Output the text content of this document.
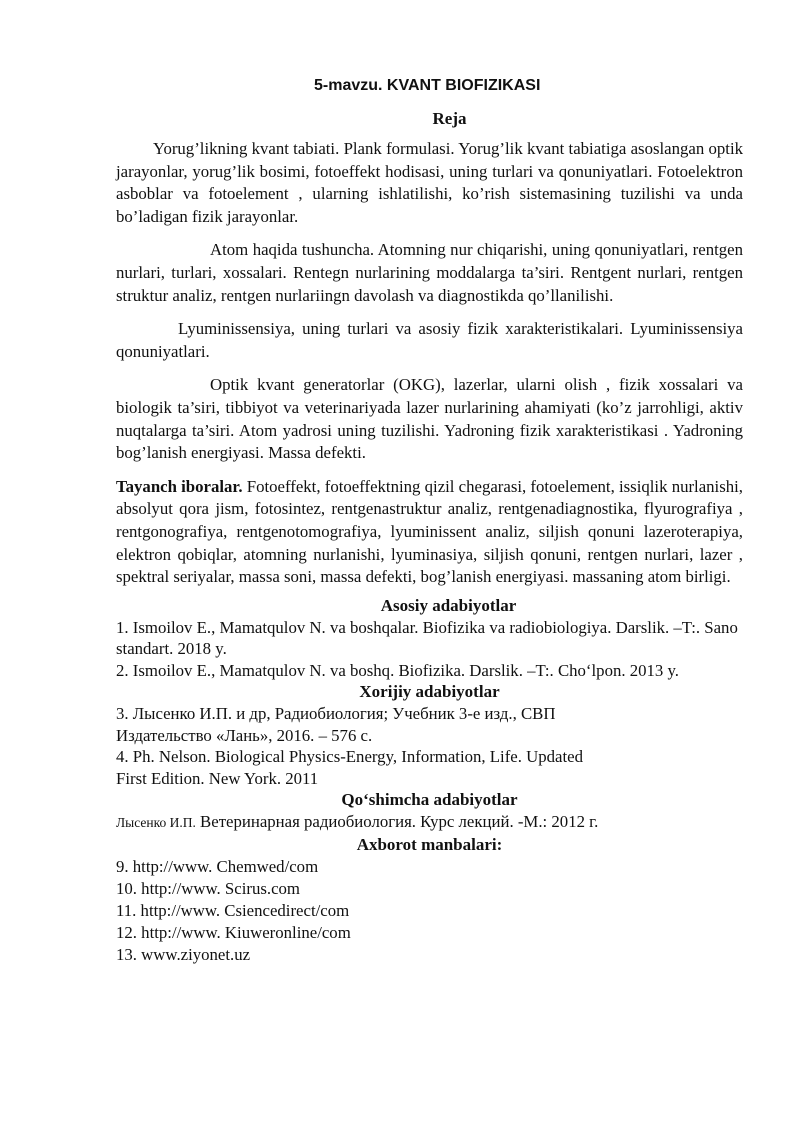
5-mavzu. KVANT BIOFIZIKASI
Reja

Yorug’likning kvant tabiati. Plank formulasi. Yorug’lik kvant tabiatiga asoslangan optik jarayonlar, yorug’lik bosimi, fotoeffekt hodisasi, uning turlari va qonuniyatlari. Fotoelektron asboblar va fotoelement , ularning ishlatilishi, ko’rish sistemasining tuzilishi va unda bo’ladigan fizik jarayonlar.

Atom haqida tushuncha. Atomning nur chiqarishi, uning qonuniyatlari, rentgen nurlari, turlari, xossalari. Rentegn nurlarining moddalarga ta’siri. Rentgent nurlari, rentgen struktur analiz, rentgen nurlariingn davolash va diagnostikda qo’llanilishi.

Lyuminissensiya, uning turlari va asosiy fizik xarakteristikalari. Lyuminissensiya qonuniyatlari.

Optik kvant generatorlar (OKG), lazerlar, ularni olish , fizik xossalari va biologik ta’siri, tibbiyot va veterinariyada lazer nurlarining ahamiyati (ko’z jarrohligi, aktiv nuqtalarga ta’siri. Atom yadrosi uning tuzilishi. Yadroning fizik xarakteristikasi . Yadroning bog’lanish energiyasi. Massa defekti.

Tayanch iboralar. Fotoeffekt, fotoeffektning qizil chegarasi, fotoelement, issiqlik nurlanishi, absolyut qora jism, fotosintez, rentgenastruktur analiz, rentgenadiagnostika, flyurografiya , rentgonografiya, rentgenotomografiya, lyuminissent analiz, siljish qonuni lazeroterapiya, elektron qobiqlar, atomning nurlanishi, lyuminasiya, siljish qonuni, rentgen nurlari, lazer , spektral seriyalar, massa soni, massa defekti, bog’lanish energiyasi. massaning atom birligi.

Asosiy adabiyotlar
1. Ismoilov E., Mamatqulov N. va boshqalar. Biofizika va radiobiologiya. Darslik. –T:. Sano standart. 2018 y.
2. Ismoilov E., Mamatqulov N. va boshq. Biofizika. Darslik. –T:. Cho‘lpon. 2013 y.
Xorijiy adabiyotlar
3. Лысенко И.П. и др, Радиобиология; Учебник 3-е изд., СВП
Издательство «Лань», 2016. – 576 с.
4. Ph. Nelson. Biological Physics-Energy, Information, Life. Updated
First Edition. New York. 2011
Qo‘shimcha adabiyotlar
Лысенко И.П. Ветеринарная радиобиология. Курс лекций. -М.: 2012 г.
Axborot manbalari:
9. http://www. Chemwed/com
10. http://www. Scirus.com
11. http://www. Csiencedirect/com
12. http://www. Kiuweronline/com
13. www.ziyonet.uz
